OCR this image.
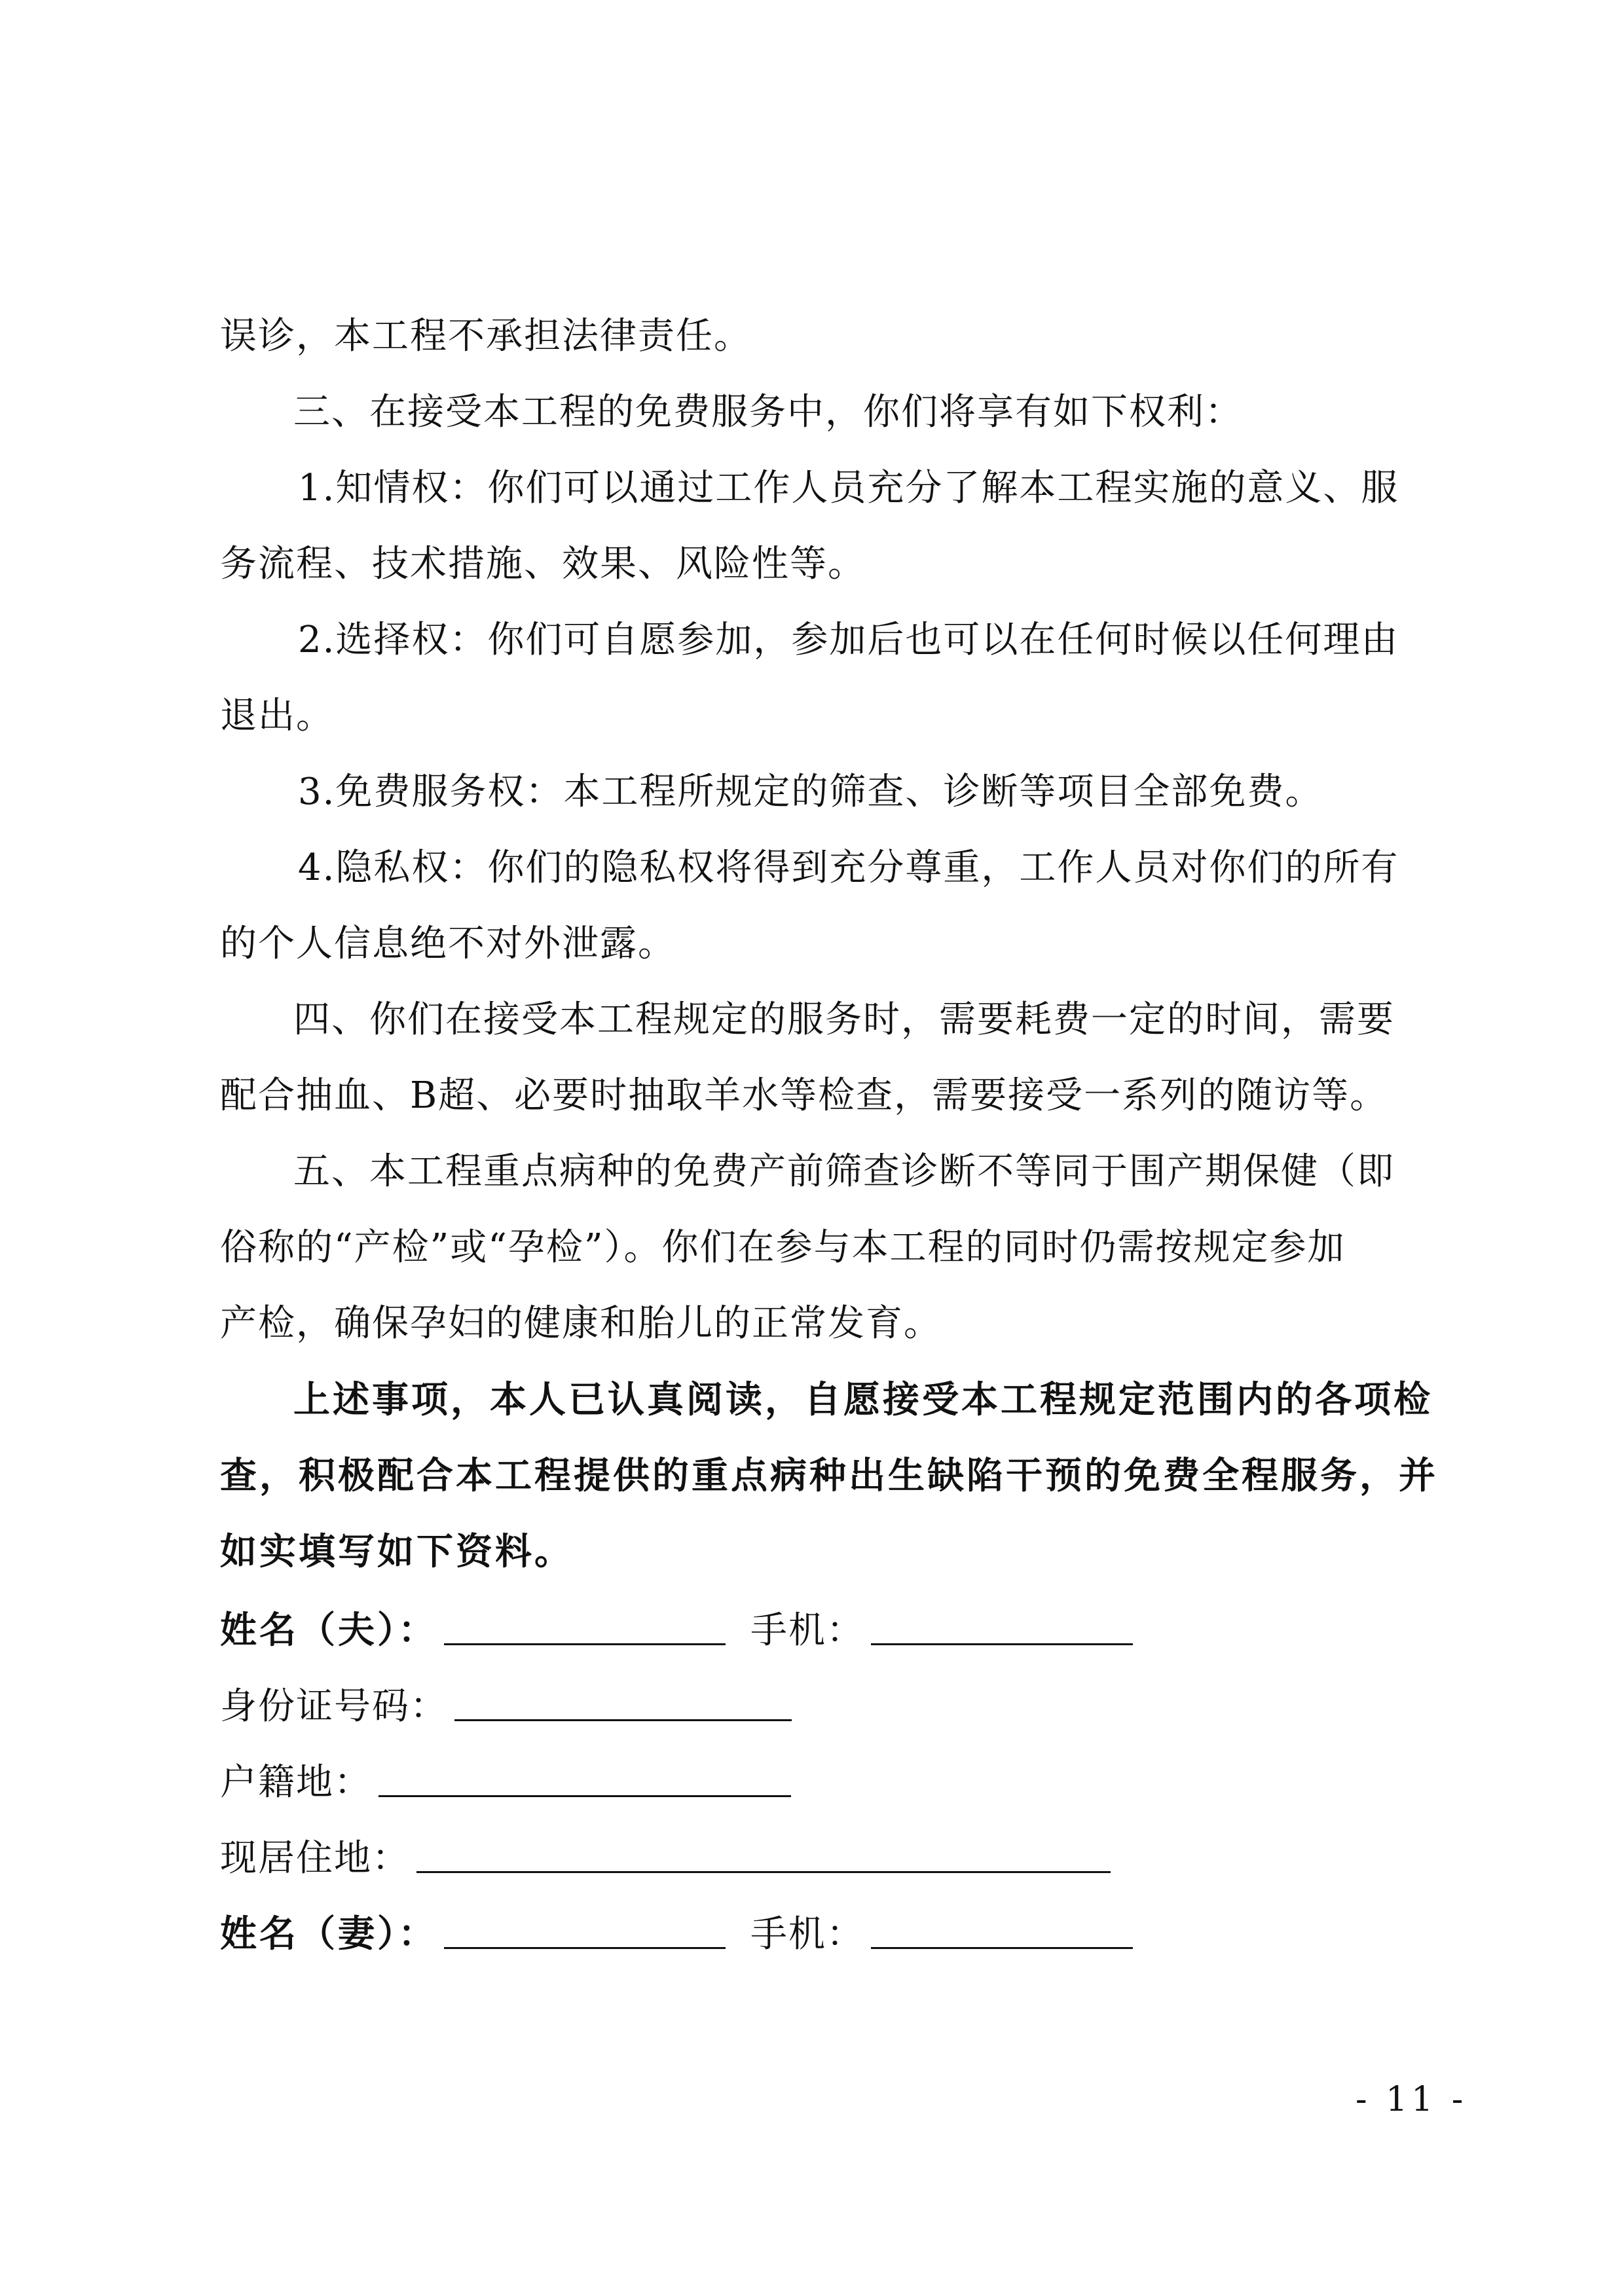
误诊，本工程不承担法律责任。
三、在接受本工程的免费服务中，你们将享有如下权利：
1.知情权：你们可以通过工作人员充分了解本工程实施的意义、服
务流程、技术措施、效果、风险性等。
2.选择权：你们可自愿参加，参加后也可以在任何时候以任何理由
退出。
3.免费服务权：本工程所规定的筛查、诊断等项目全部免费。
4.隐私权：你们的隐私权将得到充分尊重，工作人员对你们的所有
的个人信息绝不对外泄露。
四、你们在接受本工程规定的服务时，需要耗费一定的时间，需要
配合抽血、B超、必要时抽取羊水等检查，需要接受一系列的随访等。
五、本工程重点病种的免费产前筛查诊断不等同于围产期保健（即
俗称的“产检”或“孕检”）。你们在参与本工程的同时仍需按规定参加
产检，确保孕妇的健康和胎儿的正常发育。
上述事项，本人已认真阅读，自愿接受本工程规定范围内的各项检
查，积极配合本工程提供的重点病种出生缺陷干预的免费全程服务，并
如实填写如下资料。
姓名（夫）：	手机：
身份证号码：
户籍地：
现居住地：
姓名（妻）：	手机：
- 11 -
